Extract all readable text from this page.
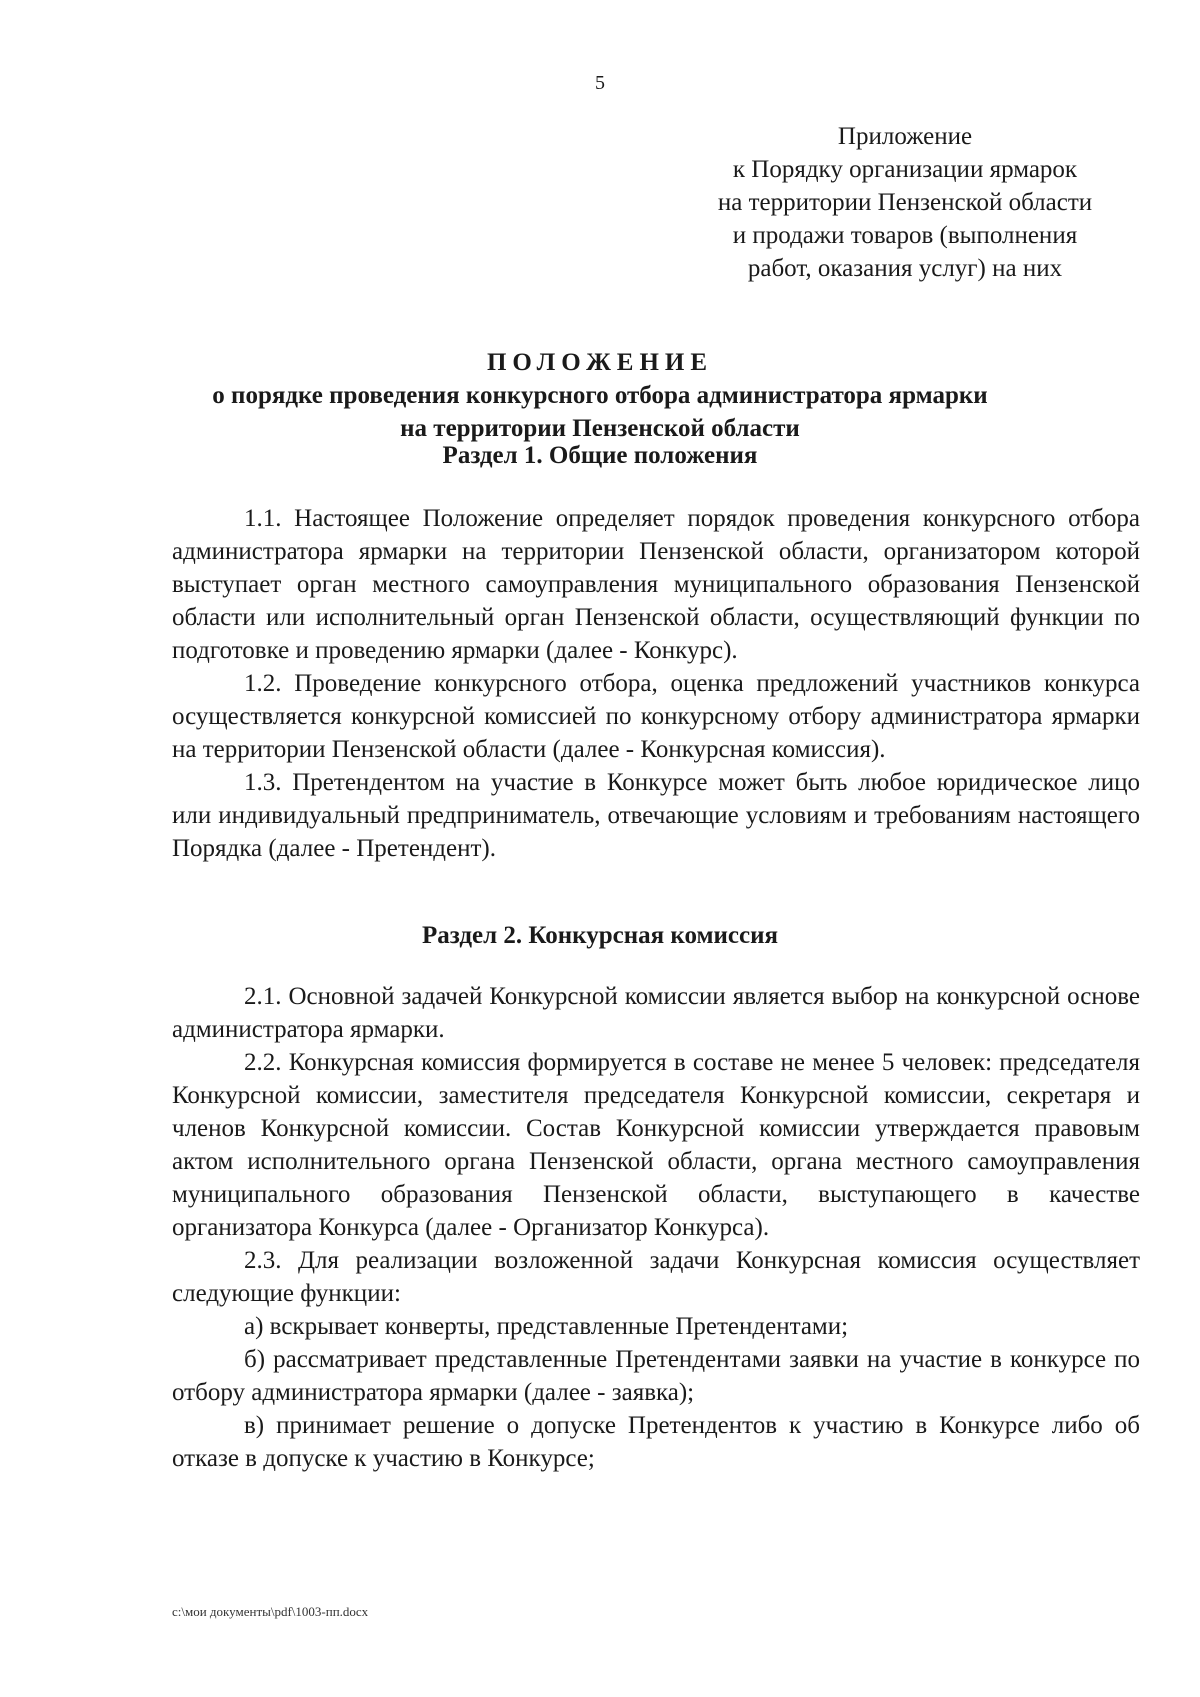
5
Приложение
к Порядку организации ярмарок
на территории Пензенской области
и продажи товаров (выполнения
работ, оказания услуг) на них
ПОЛОЖЕНИЕ
о порядке проведения конкурсного отбора администратора ярмарки
на территории Пензенской области
Раздел 1. Общие положения

1.1. Настоящее Положение определяет порядок проведения конкурсного отбора администратора ярмарки на территории Пензенской области, организатором которой выступает орган местного самоуправления муниципального образования Пензенской области или исполнительный орган Пензенской области, осуществляющий функции по подготовке и проведению ярмарки (далее - Конкурс).

1.2. Проведение конкурсного отбора, оценка предложений участников конкурса осуществляется конкурсной комиссией по конкурсному отбору администратора ярмарки на территории Пензенской области (далее - Конкурсная комиссия).

1.3. Претендентом на участие в Конкурсе может быть любое юридическое лицо или индивидуальный предприниматель, отвечающие условиям и требованиям настоящего Порядка (далее - Претендент).

Раздел 2. Конкурсная комиссия

2.1. Основной задачей Конкурсной комиссии является выбор на конкурсной основе администратора ярмарки.

2.2. Конкурсная комиссия формируется в составе не менее 5 человек: председателя Конкурсной комиссии, заместителя председателя Конкурсной комиссии, секретаря и членов Конкурсной комиссии. Состав Конкурсной комиссии утверждается правовым актом исполнительного органа Пензенской области, органа местного самоуправления муниципального образования Пензенской области, выступающего в качестве организатора Конкурса (далее - Организатор Конкурса).

2.3. Для реализации возложенной задачи Конкурсная комиссия осуществляет следующие функции:

а) вскрывает конверты, представленные Претендентами;

б) рассматривает представленные Претендентами заявки на участие в конкурсе по отбору администратора ярмарки (далее - заявка);

в) принимает решение о допуске Претендентов к участию в Конкурсе либо об отказе в допуске к участию в Конкурсе;

c:\мои документы\pdf\1003-пп.docx
